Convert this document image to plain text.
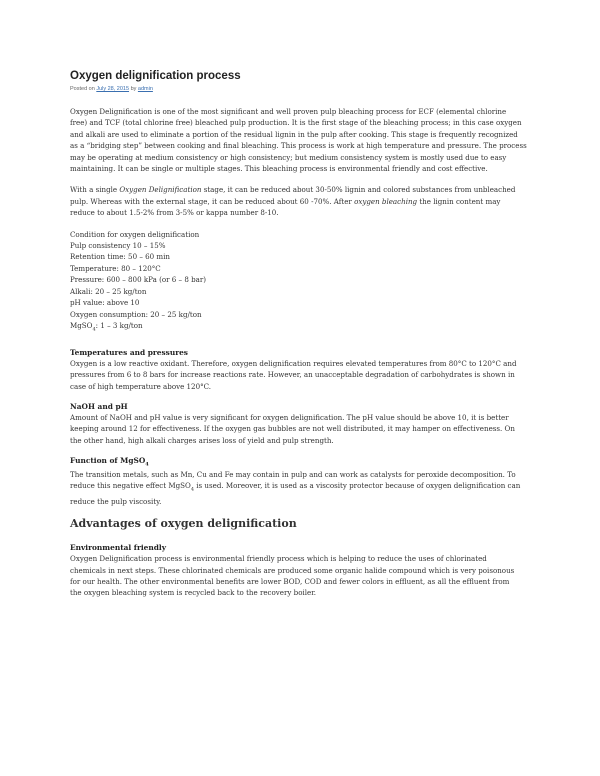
Oxygen delignification process
Posted on July 28, 2015 by admin
Oxygen Delignification is one of the most significant and well proven pulp bleaching process for ECF (elemental chlorine
free) and TCF (total chlorine free) bleached pulp production. It is the first stage of the bleaching process; in this case oxygen
and alkali are used to eliminate a portion of the residual lignin in the pulp after cooking. This stage is frequently recognized
as a “bridging step” between cooking and final bleaching. This process is work at high temperature and pressure. The process
may be operating at medium consistency or high consistency; but medium consistency system is mostly used due to easy
maintaining. It can be single or multiple stages. This bleaching process is environmental friendly and cost effective.
With a single Oxygen Delignification stage, it can be reduced about 30-50% lignin and colored substances from unbleached
pulp. Whereas with the external stage, it can be reduced about 60 -70%. After oxygen bleaching the lignin content may
reduce to about 1.5-2% from 3-5% or kappa number 8-10.
Condition for oxygen delignification
Pulp consistency 10 – 15%
Retention time: 50 – 60 min
Temperature: 80 – 120°C
Pressure: 600 – 800 kPa (or 6 – 8 bar)
Alkali: 20 – 25 kg/ton
pH value: above 10
Oxygen consumption: 20 – 25 kg/ton
MgSO$_4$: 1 – 3 kg/ton
Temperatures and pressures
Oxygen is a low reactive oxidant. Therefore, oxygen delignification requires elevated temperatures from 80°C to 120°C and
pressures from 6 to 8 bars for increase reactions rate. However, an unacceptable degradation of carbohydrates is shown in
case of high temperature above 120°C.
NaOH and pH
Amount of NaOH and pH value is very significant for oxygen delignification. The pH value should be above 10, it is better
keeping around 12 for effectiveness. If the oxygen gas bubbles are not well distributed, it may hamper on effectiveness. On
the other hand, high alkali charges arises loss of yield and pulp strength.
Function of MgSO$_4$
The transition metals, such as Mn, Cu and Fe may contain in pulp and can work as catalysts for peroxide decomposition. To
reduce this negative effect MgSO$_4$ is used. Moreover, it is used as a viscosity protector because of oxygen delignification can
reduce the pulp viscosity.
Advantages of oxygen delignification
Environmental friendly
Oxygen Delignification process is environmental friendly process which is helping to reduce the uses of chlorinated
chemicals in next steps. These chlorinated chemicals are produced some organic halide compound which is very poisonous
for our health. The other environmental benefits are lower BOD, COD and fewer colors in effluent, as all the effluent from
the oxygen bleaching system is recycled back to the recovery boiler.
